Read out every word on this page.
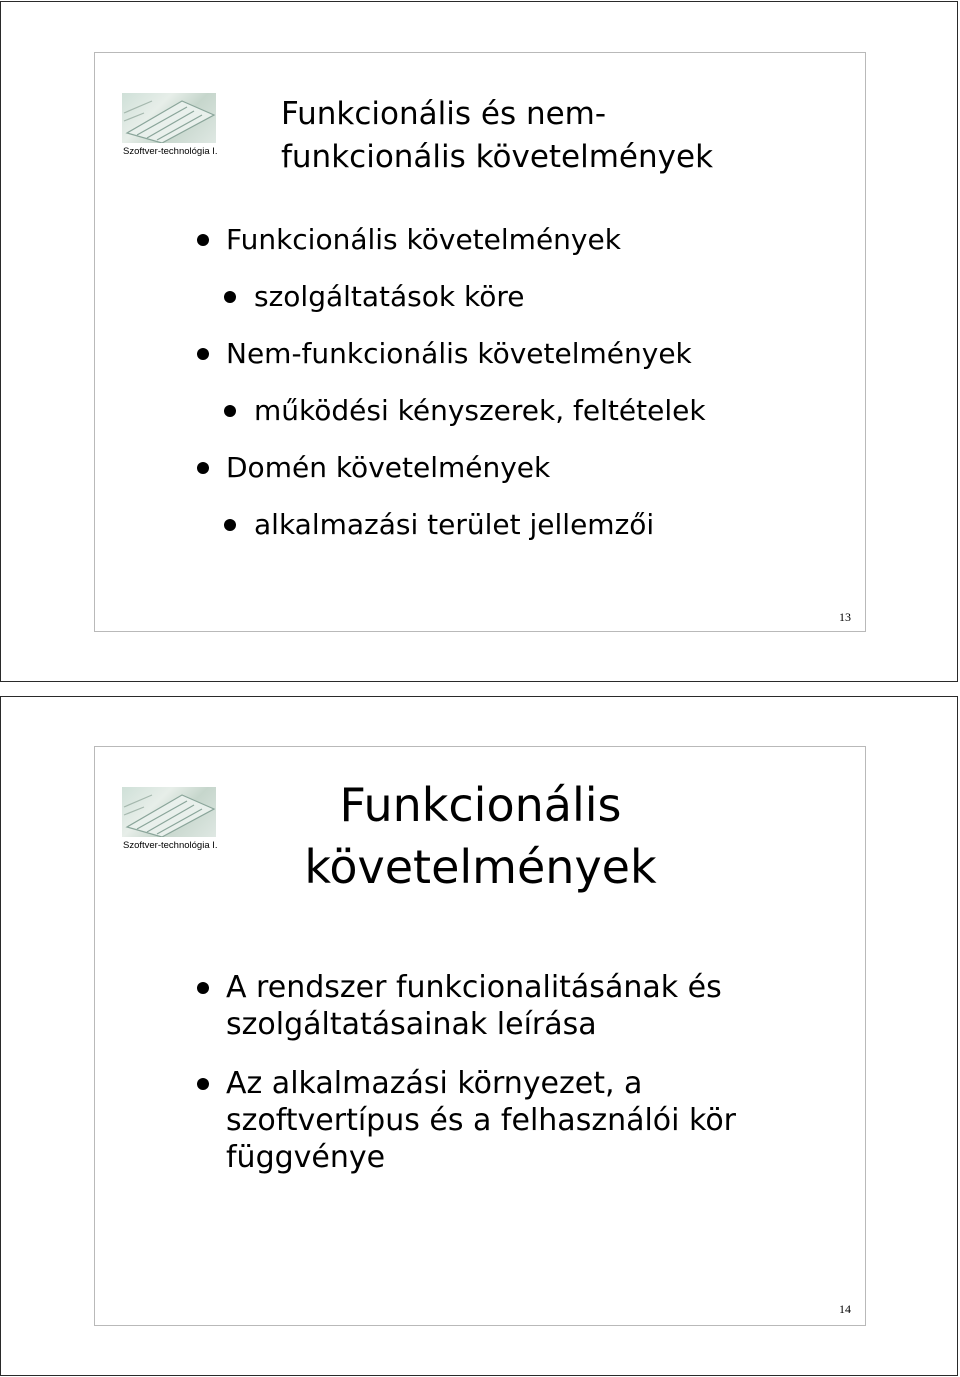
Szoftver-technológia I.
Funkcionális és nem-
funkcionális követelmények
Funkcionális követelmények
szolgáltatások köre
Nem-funkcionális követelmények
működési kényszerek, feltételek
Domén követelmények
alkalmazási terület jellemzői
13
Szoftver-technológia I.
Funkcionális
követelmények
A rendszer funkcionalitásának és
szolgáltatásainak leírása
Az alkalmazási környezet, a
szoftvertípus és a felhasználói kör
függvénye
14
